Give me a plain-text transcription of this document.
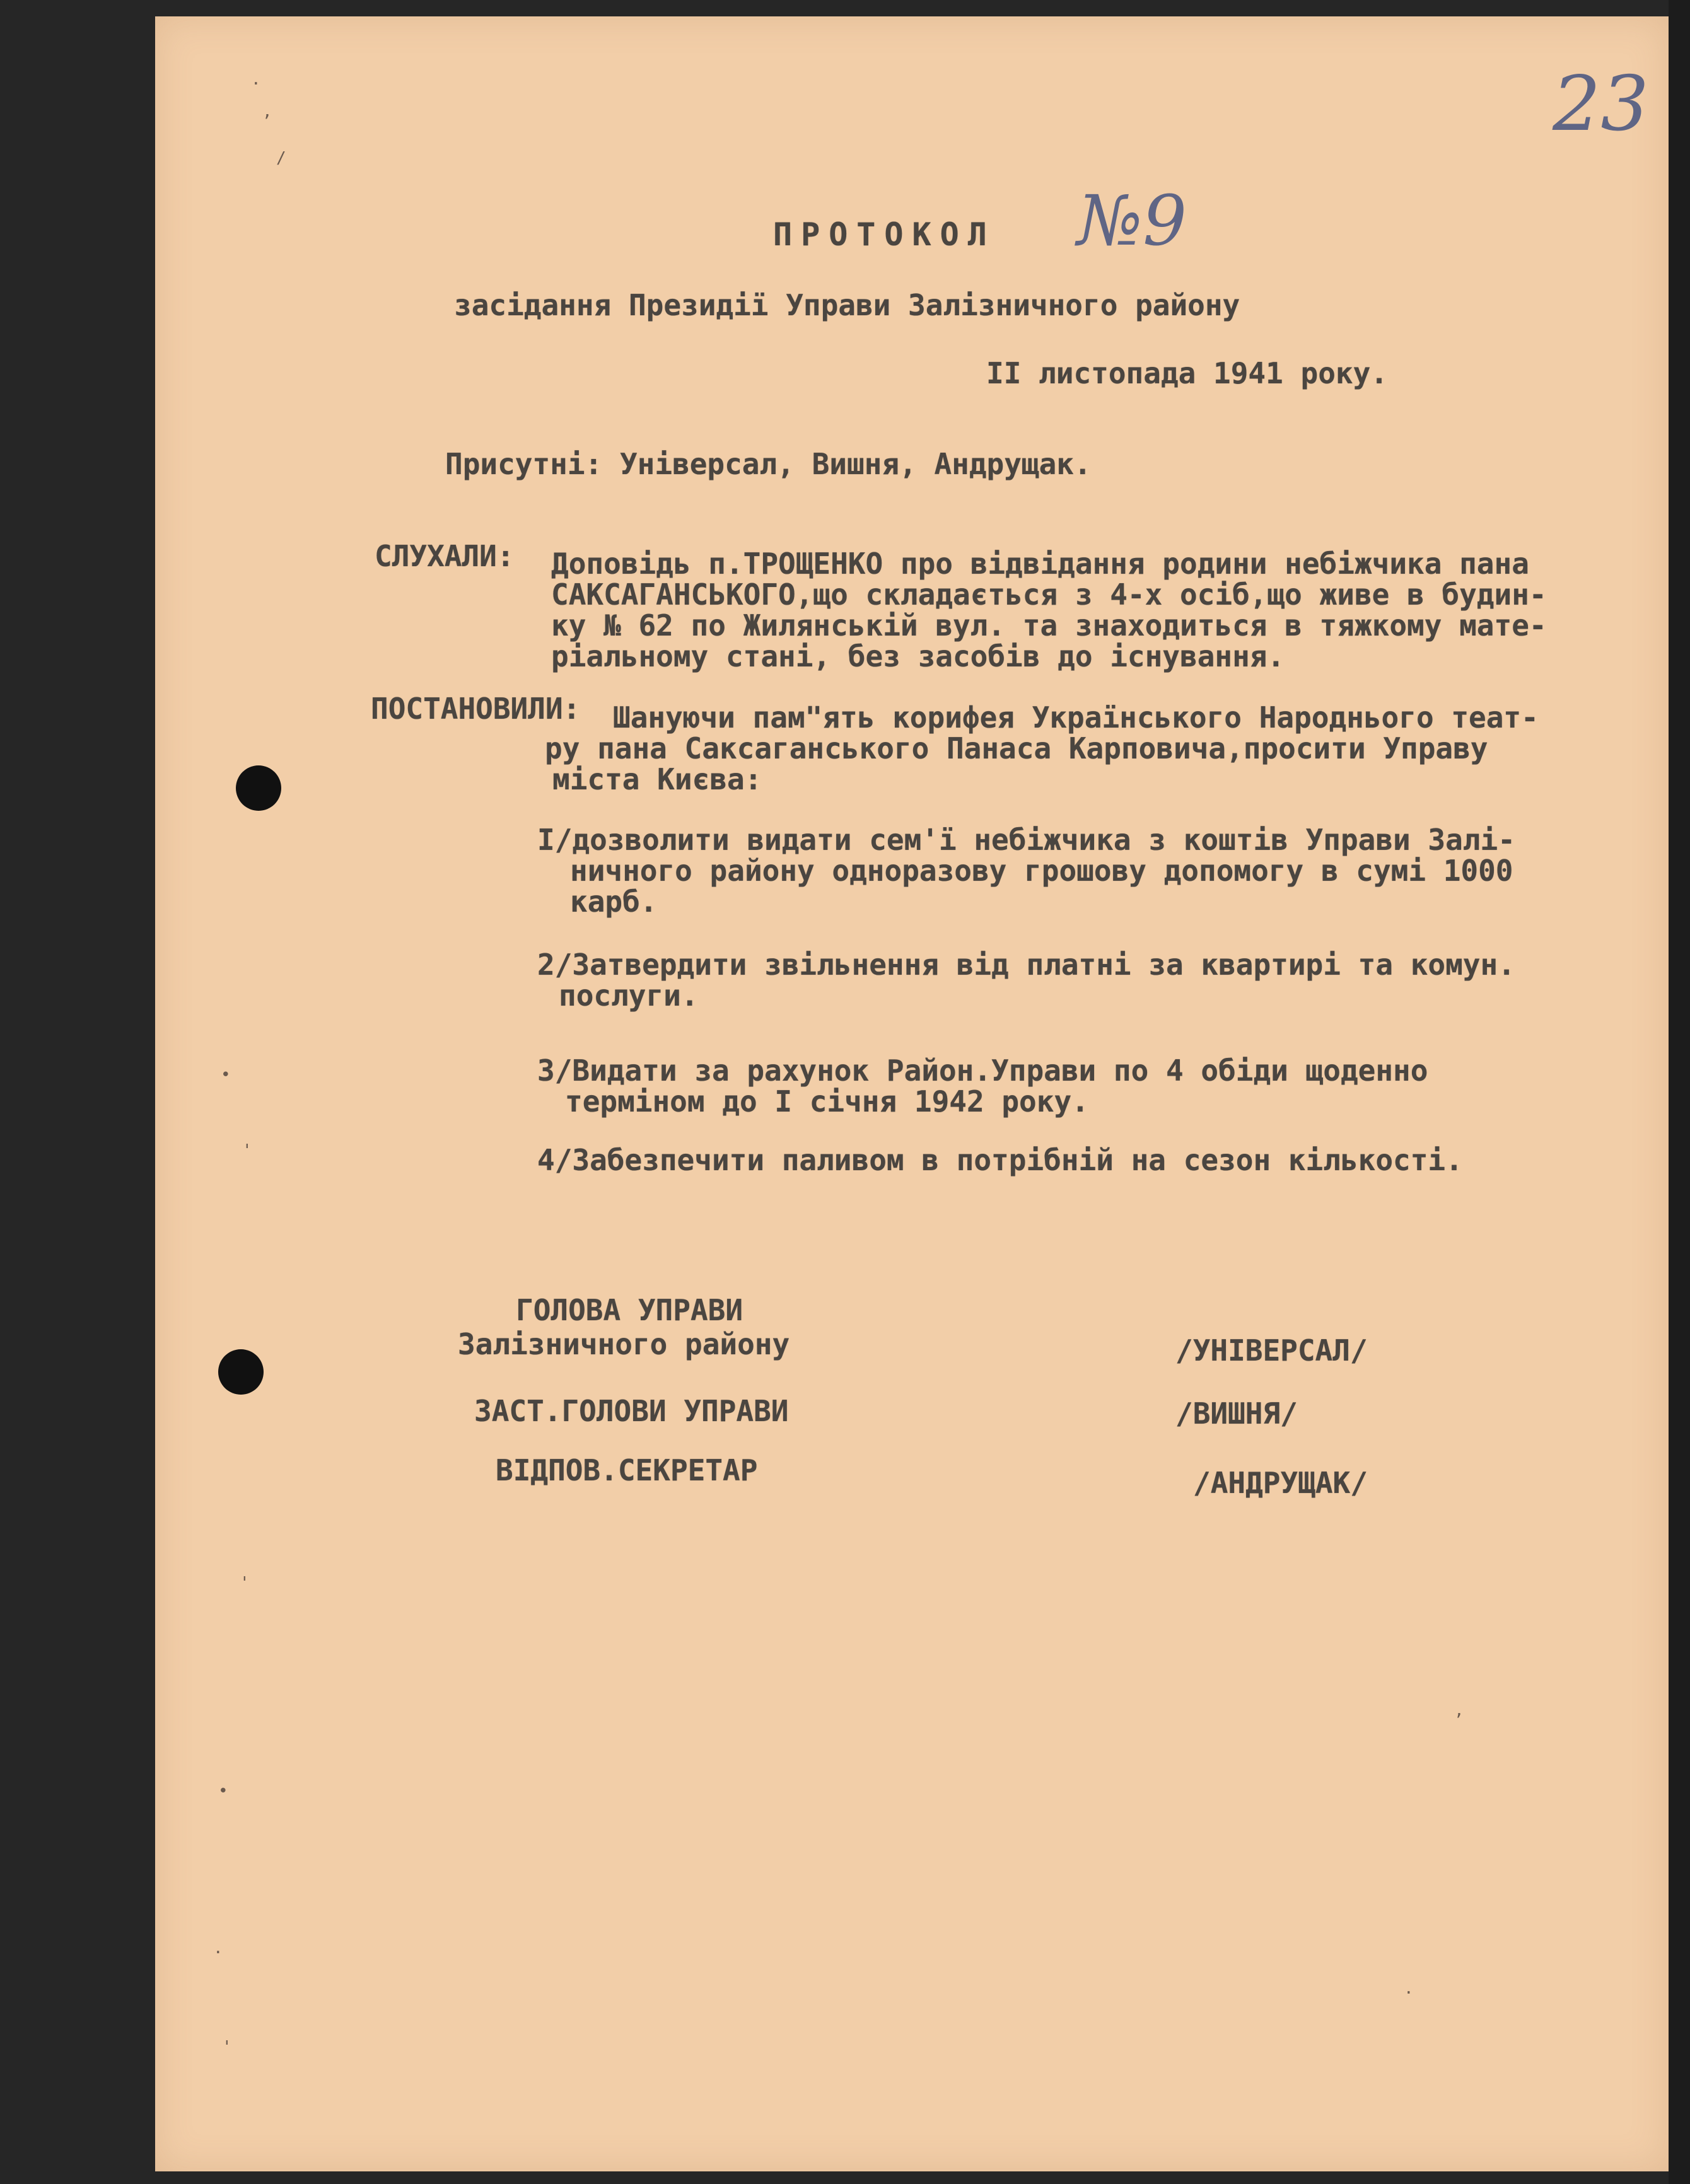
23
ПРОТОКОЛ №9
засідання Президії Управи Залізничного району
II листопада 1941 року.
Присутні: Універсал, Вишня, Андрущак.
СЛУХАЛИ: Доповідь п.ТРОЩЕНКО про відвідання родини небіжчика пана
САКСАГАНСЬКОГО,що складається з 4-х осіб,що живе в будин-
ку № 62 по Жилянській вул. та знаходиться в тяжкому мате-
ріальному стані, без засобів до існування.
ПОСТАНОВИЛИ: Шануючи пам"ять корифея Українського Народнього теат-
ру пана Саксаганського Панаса Карповича,просити Управу
міста Києва:
I/дозволити видати сем'ї небіжчика з коштів Управи Залі-
ничного району одноразову грошову допомогу в сумі 1000
карб.
2/Затвердити звільнення від платні за квартирі та комун.
послуги.
3/Видати за рахунок Район.Управи по 4 обіди щоденно
терміном до I січня 1942 року.
4/Забезпечити паливом в потрібній на сезон кількості.
ГОЛОВА УПРАВИ
Залізничного району	/УНІВЕРСАЛ/
ЗАСТ.ГОЛОВИ УПРАВИ	/ВИШНЯ/
ВІДПОВ.СЕКРЕТАР	/АНДРУЩАК/
·
,
/
•
'
'
•
,
·
·
'
